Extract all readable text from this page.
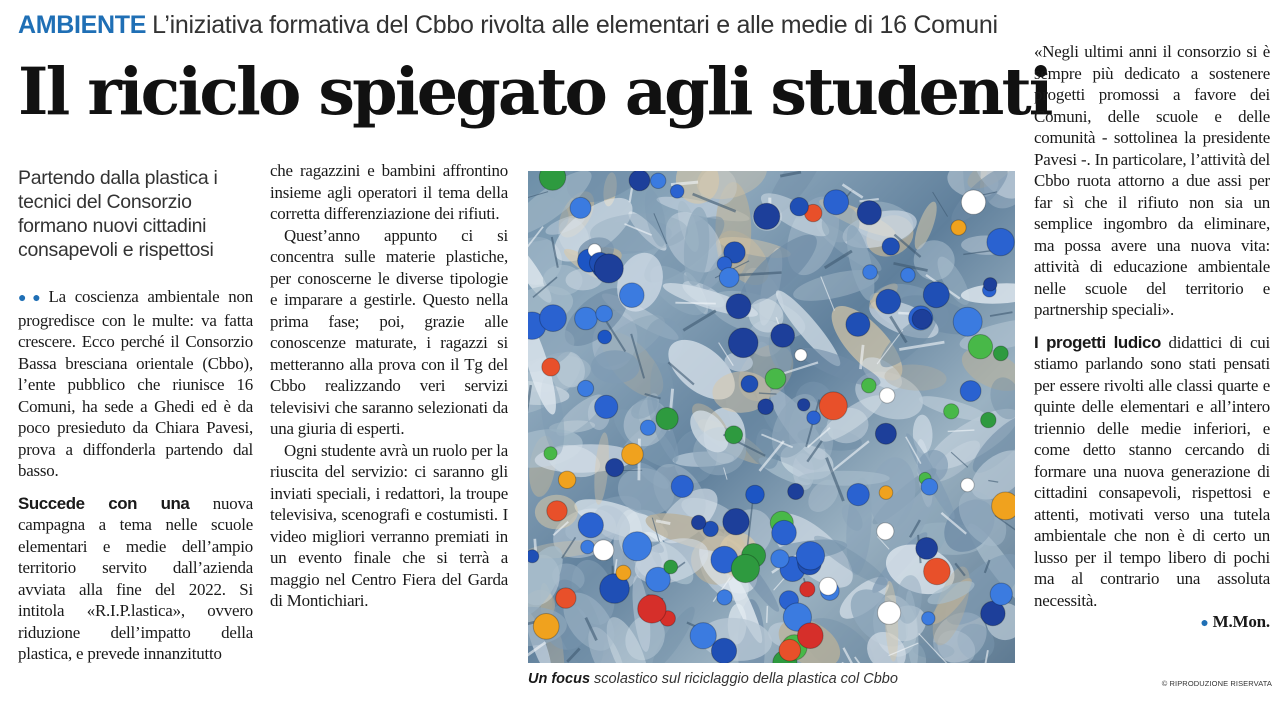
AMBIENTE L’iniziativa formativa del Cbbo rivolta alle elementari e alle medie di 16 Comuni
Il riciclo spiegato agli studenti
Partendo dalla plastica i tecnici del Consorzio formano nuovi cittadini consapevoli e rispettosi

●● La coscienza ambientale non progredisce con le multe: va fatta crescere. Ecco perché il Consorzio Bassa bresciana orientale (Cbbo), l’ente pubblico che riunisce 16 Comuni, ha sede a Ghedi ed è da poco presieduto da Chiara Pavesi, prova a diffonderla partendo dal basso.

Succede con una nuova campagna a tema nelle scuole elementari e medie dell’ampio territorio servito dall’azienda avviata alla fine del 2022. Si intitola «R.I.P.lastica», ovvero riduzione dell’impatto della plastica, e prevede innanzitutto

che ragazzini e bambini affrontino insieme agli operatori il tema della corretta differenziazione dei rifiuti.

Quest’anno appunto ci si concentra sulle materie plastiche, per conoscerne le diverse tipologie e imparare a gestirle. Questo nella prima fase; poi, grazie alle conoscenze maturate, i ragazzi si metteranno alla prova con il Tg del Cbbo realizzando veri servizi televisivi che saranno selezionati da una giuria di esperti.

Ogni studente avrà un ruolo per la riuscita del servizio: ci saranno gli inviati speciali, i redattori, la troupe televisiva, scenografi e costumisti. I video migliori verranno premiati in un evento finale che si terrà a maggio nel Centro Fiera del Garda di Montichiari.

Un focus scolastico sul riciclaggio della plastica col Cbbo

«Negli ultimi anni il consorzio si è sempre più dedicato a sostenere progetti promossi a favore dei Comuni, delle scuole e delle comunità - sottolinea la presidente Pavesi -. In particolare, l’attività del Cbbo ruota attorno a due assi per far sì che il rifiuto non sia un semplice ingombro da eliminare, ma possa avere una nuova vita: attività di educazione ambientale nelle scuole del territorio e partnership speciali».

I progetti ludico didattici di cui stiamo parlando sono stati pensati per essere rivolti alle classi quarte e quinte delle elementari e all’intero triennio delle medie inferiori, e come detto stanno cercando di formare una nuova generazione di cittadini consapevoli, rispettosi e attenti, motivati verso una tutela ambientale che non è di certo un lusso per il tempo libero di pochi ma al contrario una assoluta necessità.

● M.Mon.

© RIPRODUZIONE RISERVATA
